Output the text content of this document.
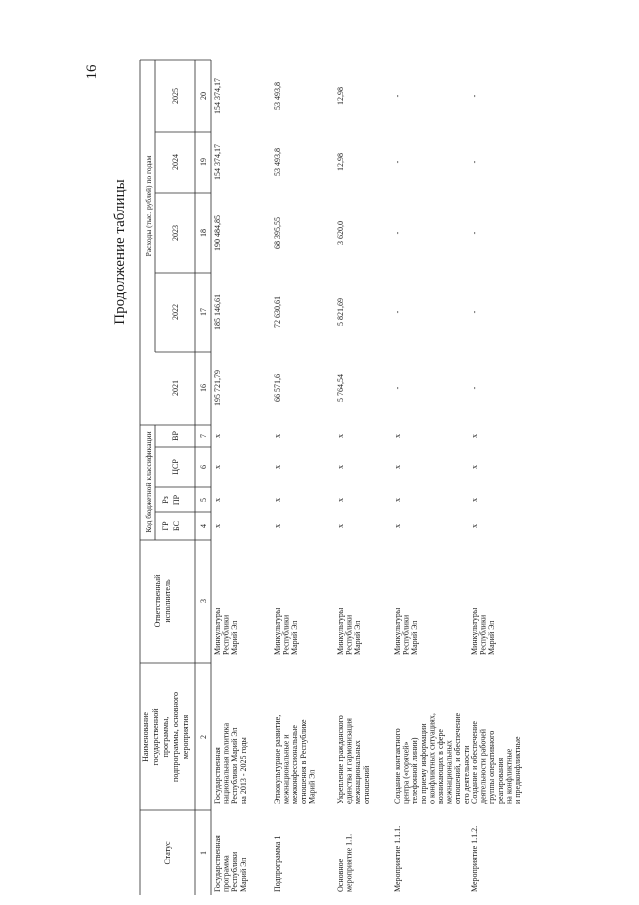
16
Продолжение таблицы
Статус
Наименование государственной программы, подпрограммы, основного мероприятия
Ответственный исполнитель
Код бюджетной классификации ГР БС
Рз ПР
ЦСР
ВР
Расходы (тыс. рублей) по годам
2021
2022
2023
2024
2025
1
2
3
4
5
6
7
16
17
18
19
20
Государственная программа Республики Марий Эл
Государственная национальная политика Республики Марий Эл на 2013 - 2025 годы
Минкультуры Республики Марий Эл
x
x
x
x
195 721,79
185 146,61
190 484,85
154 374,17
154 374,17
Подпрограмма 1
Этнокультурное развитие, межнациональные и межконфессиональные отношения в Республике Марий Эл
Минкультуры Республики Марий Эл
x
x
x
x
66 571,6
72 630,61
68 395,55
53 493,8
53 493,8
Основное мероприятие 1.1.
Укрепление гражданского единства и гармонизация межнациональных отношений
Минкультуры Республики Марий Эл
x
x
x
x
5 764,54
5 821,69
3 620,0
12,98
12,98
Мероприятие 1.1.1.
Создание контактного центра («горячей» телефонной линии) по приему информации о конфликтных ситуациях, возникающих в сфере межнациональных отношений, и обеспечение его деятельности
Минкультуры Республики Марий Эл
x
x
x
x
-
-
-
-
-
Мероприятие 1.1.2.
Создание и обеспечение деятельности рабочей группы оперативного реагирования на конфликтные и предконфликтные
Минкультуры Республики Марий Эл
x
x
x
x
-
-
-
-
-
